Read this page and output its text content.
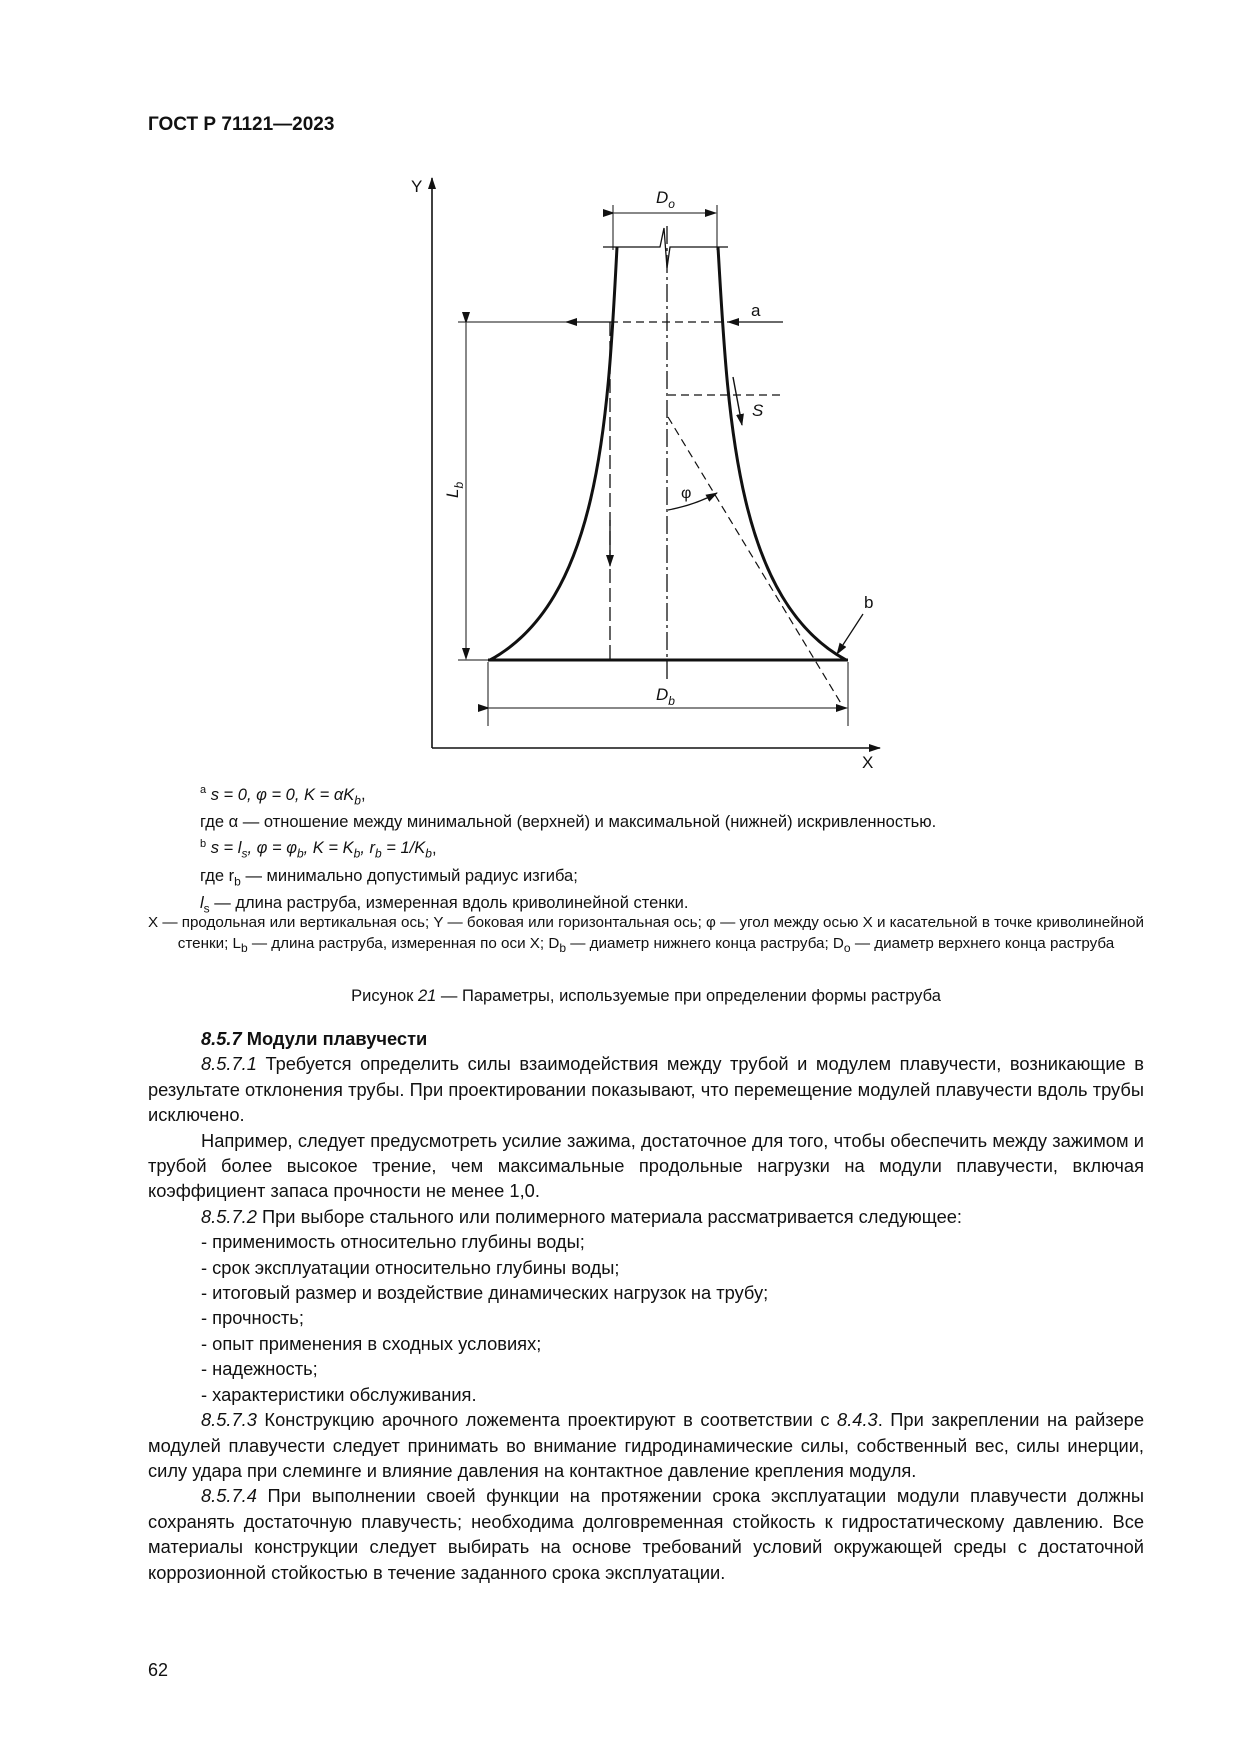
ГОСТ Р 71121—2023
Y
X
$D_o$
$L_b$
a
S
φ
b
$D_b$
$^a$ s = 0, φ = 0, $K = \alpha K_b$,
где α — отношение между минимальной (верхней) и максимальной (нижней) искривленностью.
$^b$ $s = l_s$, $\varphi = \varphi_b$, $K = K_b$, $r_b = 1/K_b$,
где $r_b$ — минимально допустимый радиус изгиба;
$l_s$ — длина раструба, измеренная вдоль криволинейной стенки.
X — продольная или вертикальная ось; Y — боковая или горизонтальная ось; φ — угол между осью X и касательной в точке криволинейной стенки; $L_b$ — длина раструба, измеренная по оси X; $D_b$ — диаметр нижнего конца раструба; $D_o$ — диаметр верхнего конца раструба
Рисунок 21 — Параметры, используемые при определении формы раструба

8.5.7 Модули плавучести

8.5.7.1 Требуется определить силы взаимодействия между трубой и модулем плавучести, возникающие в результате отклонения трубы. При проектировании показывают, что перемещение модулей плавучести вдоль трубы исключено.

Например, следует предусмотреть усилие зажима, достаточное для того, чтобы обеспечить между зажимом и трубой более высокое трение, чем максимальные продольные нагрузки на модули плавучести, включая коэффициент запаса прочности не менее 1,0.

8.5.7.2 При выборе стального или полимерного материала рассматривается следующее:

- применимость относительно глубины воды;

- срок эксплуатации относительно глубины воды;

- итоговый размер и воздействие динамических нагрузок на трубу;

- прочность;

- опыт применения в сходных условиях;

- надежность;

- характеристики обслуживания.

8.5.7.3 Конструкцию арочного ложемента проектируют в соответствии с 8.4.3. При закреплении на райзере модулей плавучести следует принимать во внимание гидродинамические силы, собственный вес, силы инерции, силу удара при слеминге и влияние давления на контактное давление крепления модуля.

8.5.7.4 При выполнении своей функции на протяжении срока эксплуатации модули плавучести должны сохранять достаточную плавучесть; необходима долговременная стойкость к гидростатическому давлению. Все материалы конструкции следует выбирать на основе требований условий окружающей среды с достаточной коррозионной стойкостью в течение заданного срока эксплуатации.

62
